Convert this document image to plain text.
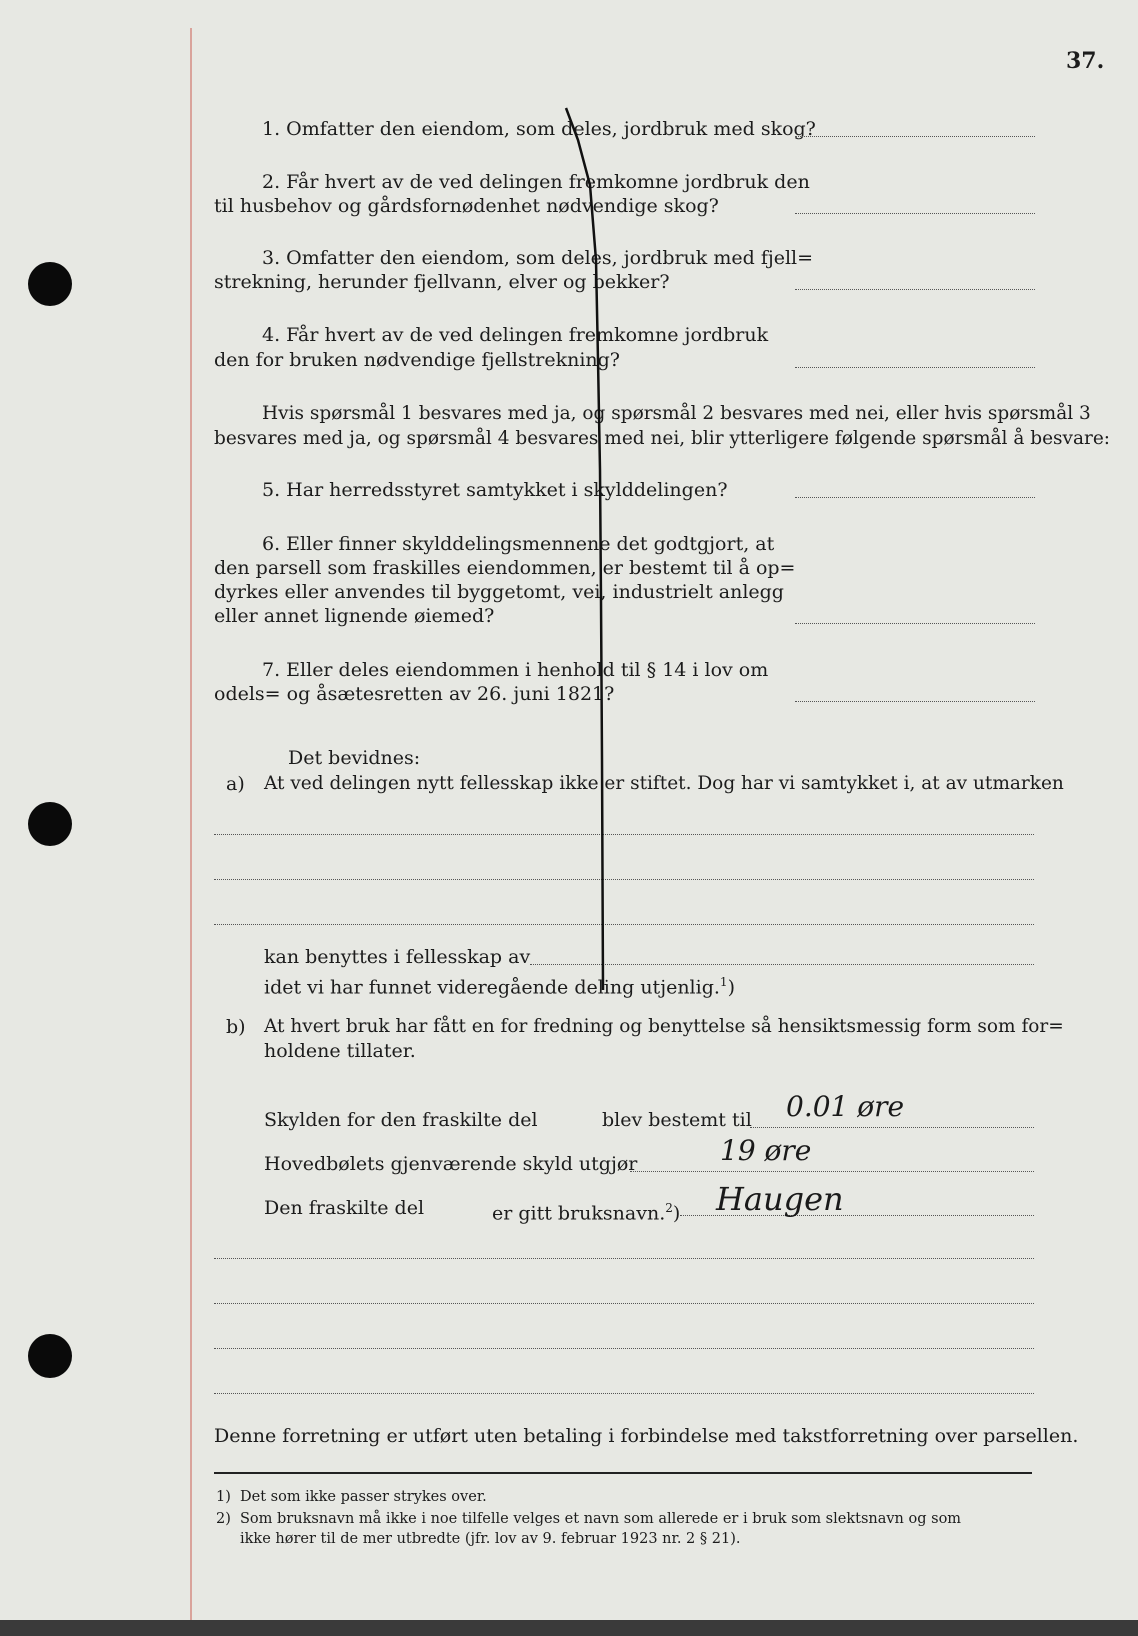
37.
1. Omfatter den eiendom, som deles, jordbruk med skog?
2. Får hvert av de ved delingen fremkomne jordbruk den
til husbehov og gårdsfornødenhet nødvendige skog?
3. Omfatter den eiendom, som deles, jordbruk med fjell=
strekning, herunder fjellvann, elver og bekker?
4. Får hvert av de ved delingen fremkomne jordbruk
den for bruken nødvendige fjellstrekning?
Hvis spørsmål 1 besvares med ja, og spørsmål 2 besvares med nei, eller hvis spørsmål 3
besvares med ja, og spørsmål 4 besvares med nei, blir ytterligere følgende spørsmål å besvare:
5. Har herredsstyret samtykket i skylddelingen?
6. Eller finner skylddelingsmennene det godtgjort, at
den parsell som fraskilles eiendommen, er bestemt til å op=
dyrkes eller anvendes til byggetomt, vei, industrielt anlegg
eller annet lignende øiemed?
7. Eller deles eiendommen i henhold til § 14 i lov om
odels= og åsætesretten av 26. juni 1821?
Det bevidnes:
a) At ved delingen nytt fellesskap ikke er stiftet. Dog har vi samtykket i, at av utmarken
kan benyttes i fellesskap av
idet vi har funnet videregående deling utjenlig.$^1$)
b) At hvert bruk har fått en for fredning og benyttelse så hensiktsmessig form som for=
holdene tillater.
Skylden for den fraskilte del	blev bestemt til 0.01 øre
Hovedbølets gjenværende skyld utgjør	19 øre
Den fraskilte del	er gitt bruksnavn.$^2$) Haugen
Denne forretning er utført uten betaling i forbindelse med takstforretning over parsellen.
1) Det som ikke passer strykes over.
2) Som bruksnavn må ikke i noe tilfelle velges et navn som allerede er i bruk som slektsnavn og som
ikke hører til de mer utbredte (jfr. lov av 9. februar 1923 nr. 2 § 21).
